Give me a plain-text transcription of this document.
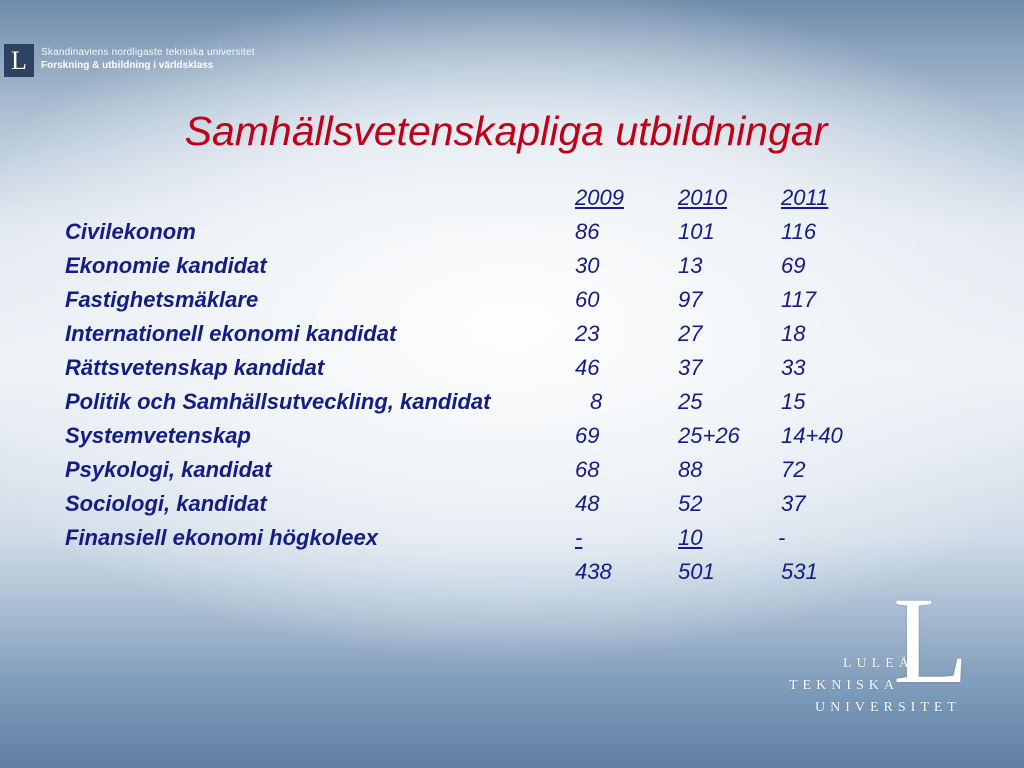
L	Skandinaviens nordligaste tekniska universitet
Forskning & utbildning i världsklass
Samhällsvetenskapliga utbildningar
2009 2010 2011
Civilekonom	86	101	116
Ekonomie kandidat	30	13	69
Fastighetsmäklare	60	97	117
Internationell ekonomi kandidat	23	27	18
Rättsvetenskap kandidat	46	37	33
Politik och Samhällsutveckling, kandidat	8	25	15
Systemvetenskap	69	25+26 14+40
Psykologi, kandidat	68	88	72
Sociologi, kandidat	48	52	37
Finansiell ekonomi högkoleex	-	10	-
438	501	531
L
LULEÅ
TEKNISKA
UNIVERSITET
